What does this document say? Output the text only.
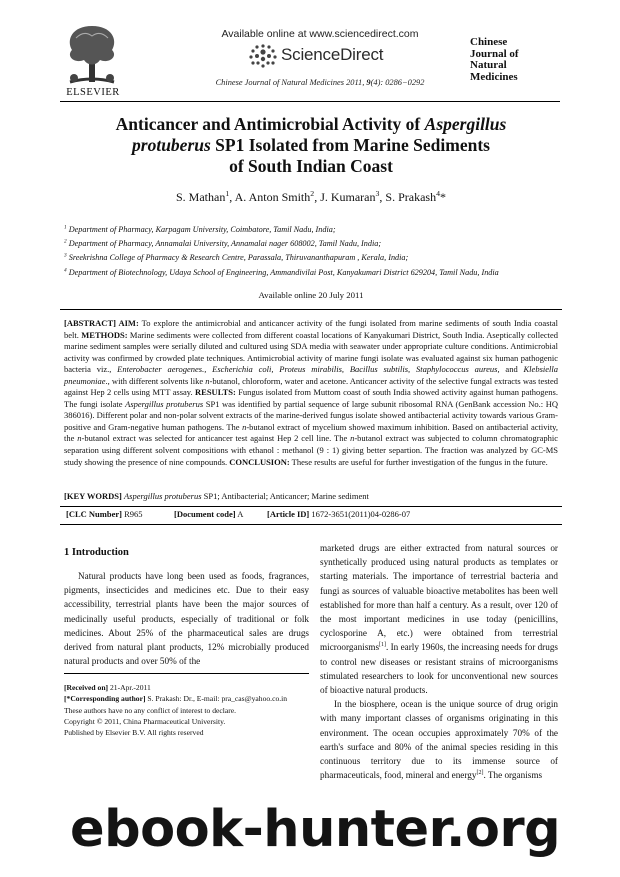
ELSEVIER
Available online at www.sciencedirect.com
ScienceDirect
Chinese Journal of Natural Medicines 2011, 9(4): 0286−0292
Chinese
Journal of
Natural
Medicines
Anticancer and Antimicrobial Activity of Aspergillus
protuberus SP1 Isolated from Marine Sediments
of South Indian Coast
S. Mathan$^1$, A. Anton Smith$^2$, J. Kumaran$^3$, S. Prakash$^4$*
$^1$ Department of Pharmacy, Karpagam University, Coimbatore, Tamil Nadu, India;
$^2$ Department of Pharmacy, Annamalai University, Annamalai nager 608002, Tamil Nadu, India;
$^3$ Sreekrishna College of Pharmacy & Research Centre, Parassala, Thiruvananthapuram , Kerala, India;
$^4$ Department of Biotechnology, Udaya School of Engineering, Ammandivilai Post, Kanyakumari District 629204, Tamil Nadu, India
Available online 20 July 2011
[ABSTRACT] AIM: To explore the antimicrobial and anticancer activity of the fungi isolated from marine sediments of south India coastal belt. METHODS: Marine sediments were collected from different coastal locations of Kanyakumari District, South India. Aseptically collected marine sediment samples were serially diluted and cultured using SDA media with seawater under appropriate culture conditions. Antimicrobial activity was confirmed by crowded plate techniques. Antimicrobial activity of marine fungi isolate was evaluated against six human pathogenic bacteria viz., Enterobacter aerogenes., Escherichia coli, Proteus mirabilis, Bacillus subtilis, Staphylococcus aureus, and Klebsiella pneumoniae., with different solvents like n-butanol, chloroform, water and acetone. Anticancer activity of the selective fungal extracts was tested against Hep 2 cells using MTT assay. RESULTS: Fungus isolated from Muttom coast of south India showed activity against human pathogens. The fungi isolate Aspergillus protuberus SP1 was identified by partial sequence of large subunit ribosomal RNA (GenBank accession No.: HQ 386016). Different polar and non-polar solvent extracts of the marine-derived fungus isolate showed antibacterial activity towards various Gram-positive and Gram-negative human pathogens. The n-butanol extract of mycelium showed maximum inhibition. Based on antibacterial activity, the n-butanol extract was selected for anticancer test against Hep 2 cell line. The n-butanol extract was subjected to column chromatographic separation using different solvent compositions with ethanol : methanol (9 : 1) giving better separtion. The fraction was analyzed by GC-MS study showing the presence of nine compounds. CONCLUSION: These results are useful for further investigation of the fungus in the future.
[KEY WORDS] Aspergillus protuberus SP1; Antibacterial; Anticancer; Marine sediment
[CLC Number] R965	[Document code] A	[Article ID] 1672-3651(2011)04-0286-07
1 Introduction
Natural products have long been used as foods, fragrances, pigments, insecticides and medicines etc. Due to their easy accessibility, terrestrial plants have been the major sources of medicinally useful products, especially of traditional or folk medicines. About 25% of the pharmaceutical sales are drugs derived from natural plant products, 12% microbially produced natural products and over 50% of the
marketed drugs are either extracted from natural sources or synthetically produced using natural products as templates or starting materials. The importance of terrestrial bacteria and fungi as sources of valuable bioactive metabolites has been well established for more than half a century. As a result, over 120 of the most important medicines in use today (penicillins, cyclosporine A, etc.) were obtained from terrestrial microorganisms[1]. In early 1960s, the increasing needs for drugs to control new diseases or resistant strains of microorganisms stimulated researchers to look for unconventional new sources of bioactive natural products.
In the biosphere, ocean is the unique source of drug origin with many important classes of organisms originating in this environment. The ocean occupies approximately 70% of the earth's surface and 80% of the animal species residing in this continuous territory due to its immense source of pharmaceuticals, food, mineral and energy[2]. The organisms
[Received on] 21-Apr.-2011
[*Corresponding author] S. Prakash: Dr., E-mail: pra_cas@yahoo.co.in
These authors have no any conflict of interest to declare.
Copyright © 2011, China Pharmaceutical University.
Published by Elsevier B.V. All rights reserved
ebook-hunter.org
